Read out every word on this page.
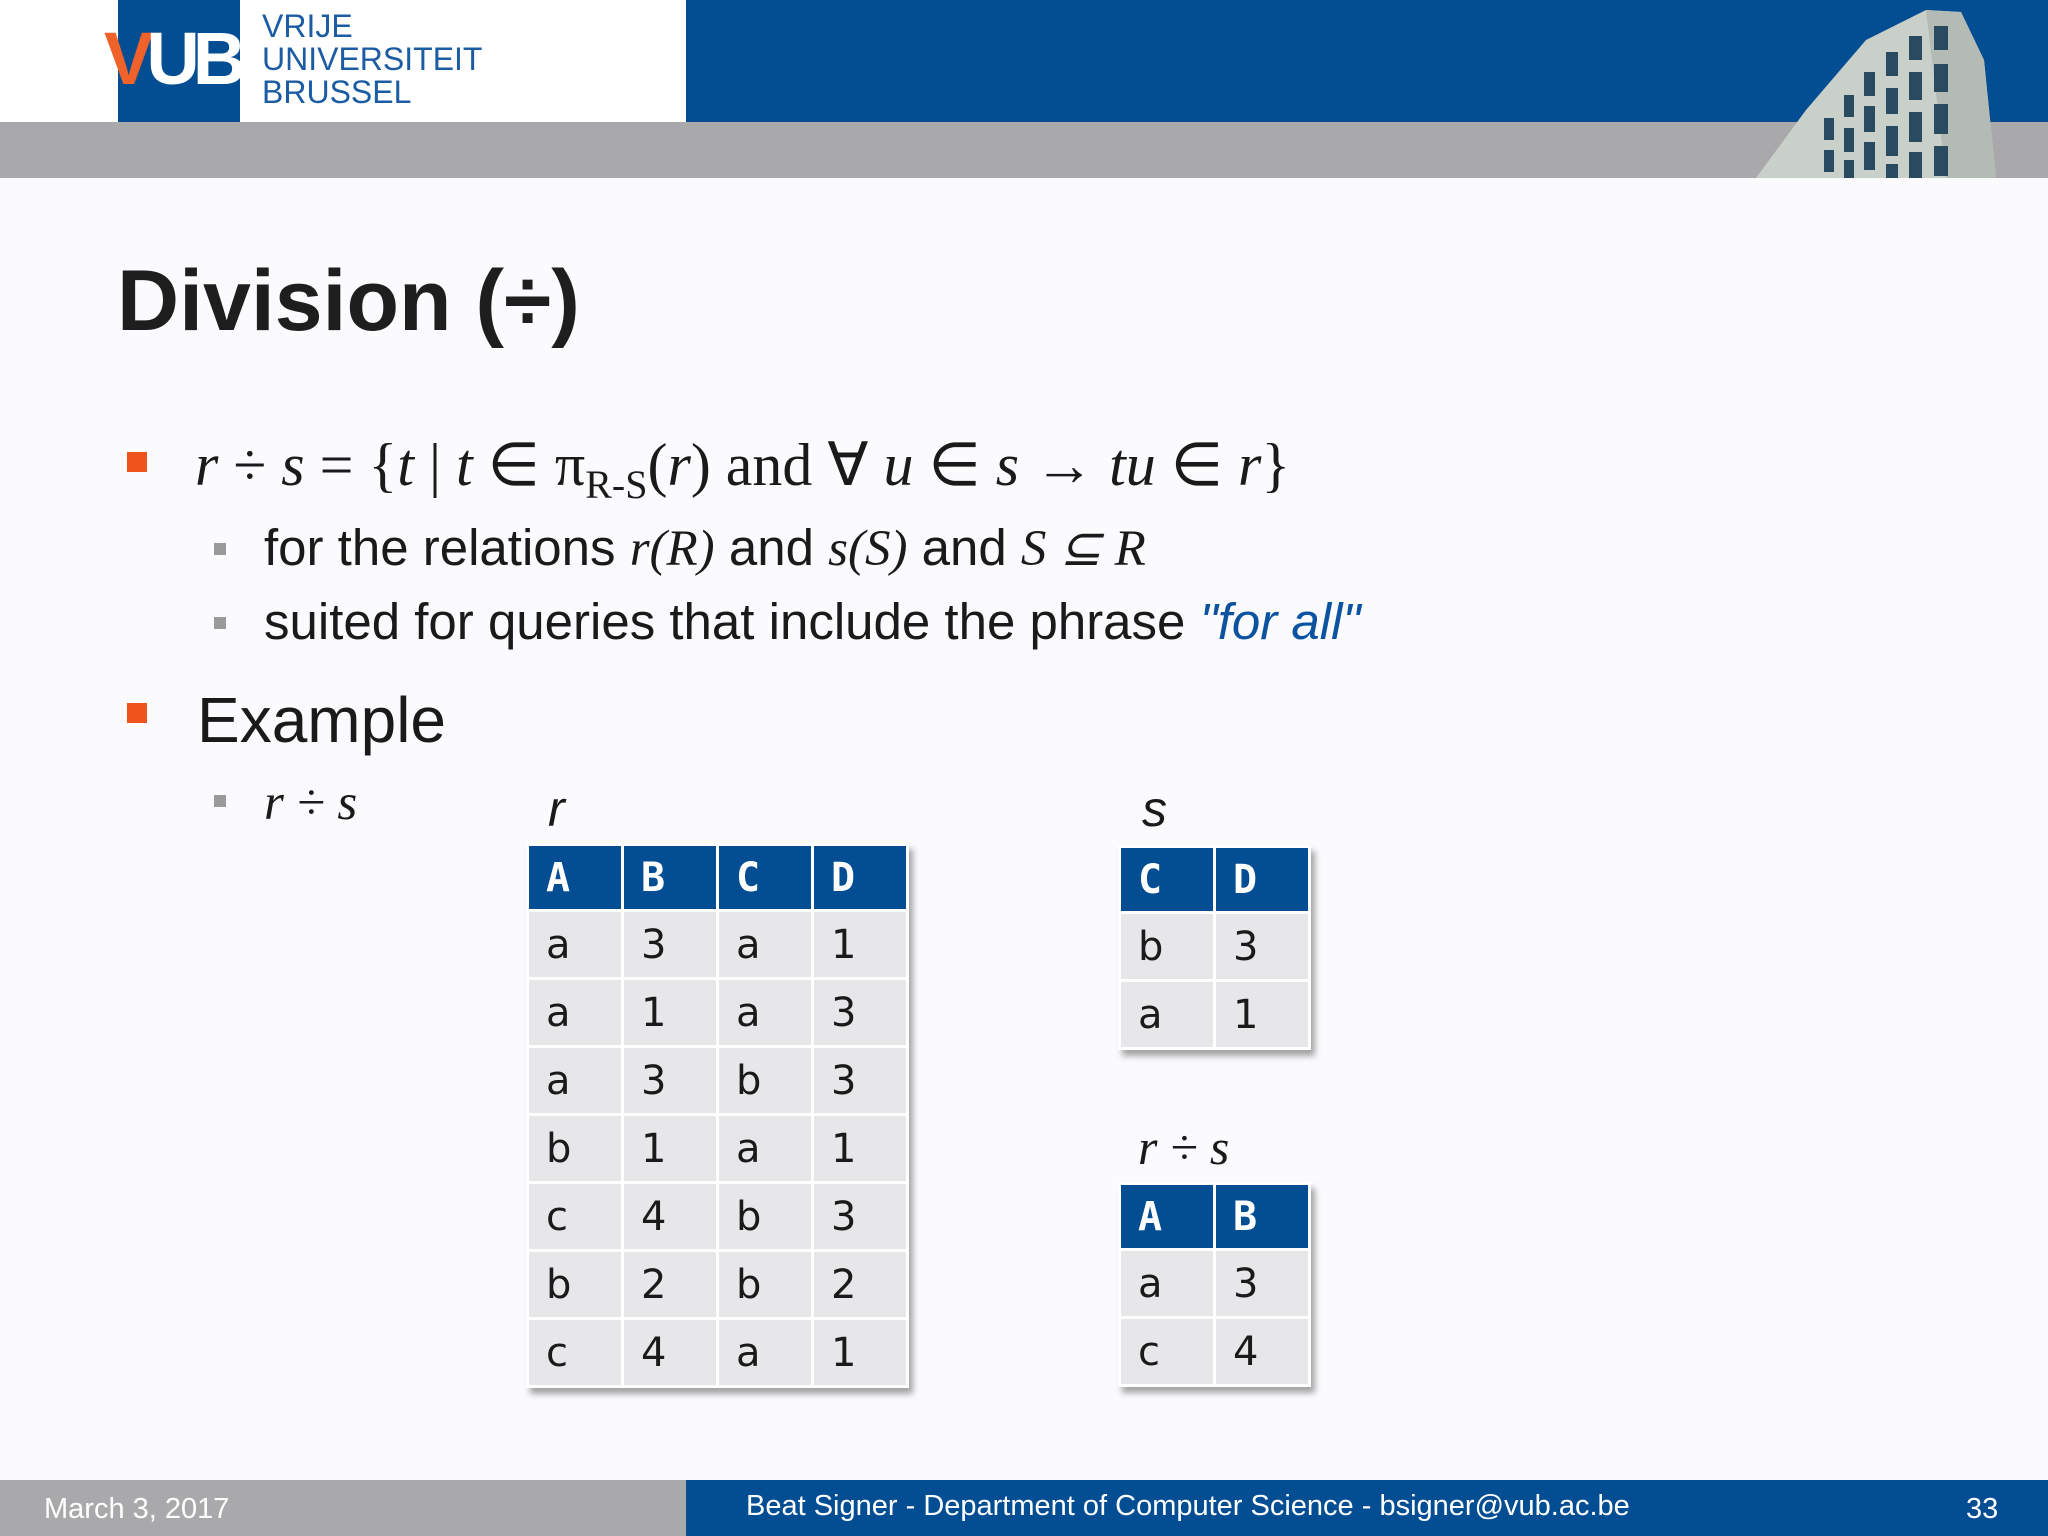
VUB VRIJE
UNIVERSITEIT
BRUSSEL
Division (÷)
r ÷ s = {t | t ∈ $\pi_{R-S}(r)$ and ∀ u ∈ s → tu ∈ r}
for the relations r(R) and s(S) and S ⊆ R
suited for queries that include the phrase "for all"
Example
r ÷ s	r
A	B	C	D
a	3	a	1
a	1	a	3
a	3	b	3
b	1	a	1
c	4	b	3
b	2	b	2
c	4	a	1
s
C	D
b	3
a	1
r ÷ s
A	B
a	3
c	4
March 3, 2017	Beat Signer - Department of Computer Science - bsigner@vub.ac.be	33
